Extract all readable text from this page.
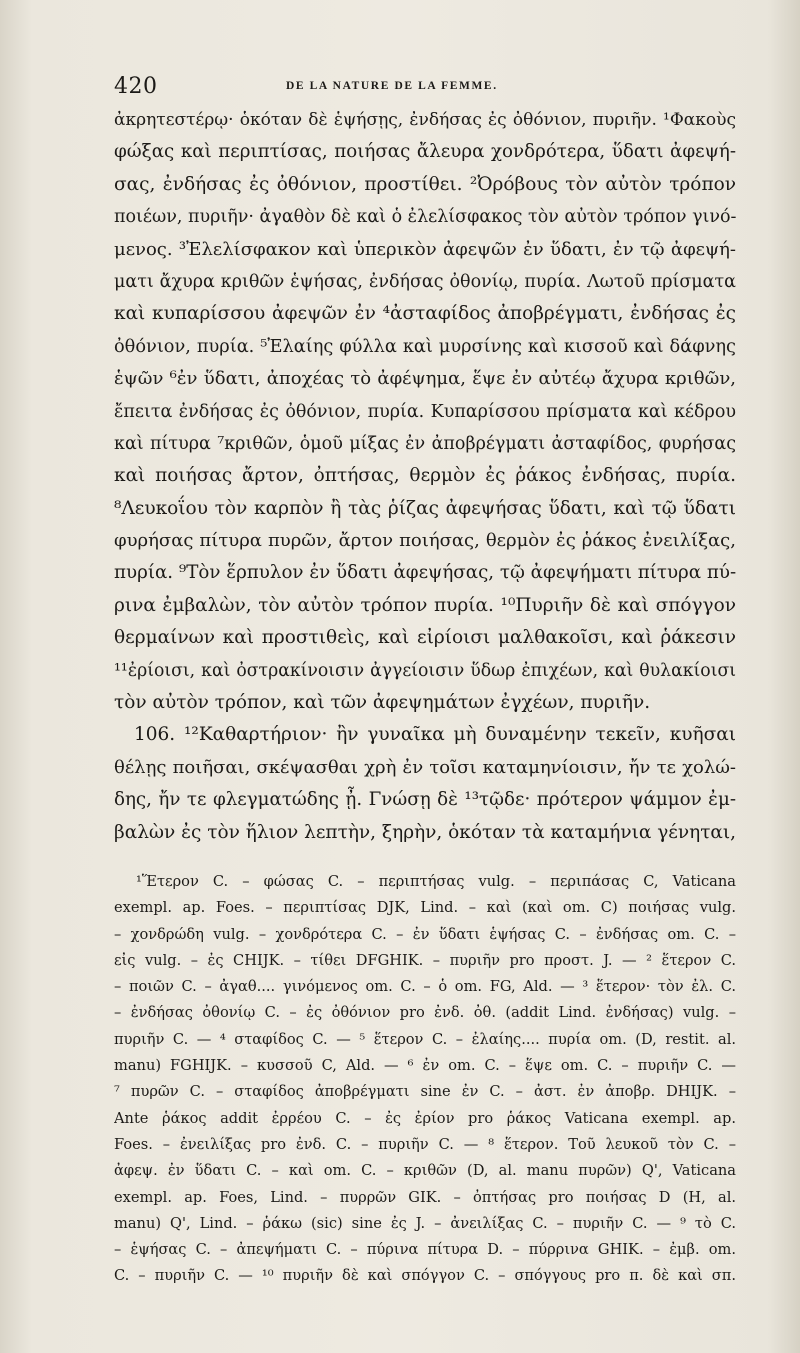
420	DE LA NATURE DE LA FEMME.
ἀκρητεστέρῳ· ὁκόταν δὲ ἑψήσῃς, ἐνδήσας ἐς ὀθόνιον, πυριῆν. ¹Φακοὺς
φώξας καὶ περιπτίσας, ποιήσας ἄλευρα χονδρότερα, ὕδατι ἀφεψή-
σας, ἐνδήσας ἐς ὀθόνιον, προστίθει. ²Ὀρόβους τὸν αὐτὸν τρόπον
ποιέων, πυριῆν· ἀγαθὸν δὲ καὶ ὁ ἐλελίσφακος τὸν αὐτὸν τρόπον γινό-
μενος. ³Ἐλελίσφακον καὶ ὑπερικὸν ἀφεψῶν ἐν ὕδατι, ἐν τῷ ἀφεψή-
ματι ἄχυρα κριθῶν ἑψήσας, ἐνδήσας ὀθονίῳ, πυρία. Λωτοῦ πρίσματα
καὶ κυπαρίσσου ἀφεψῶν ἐν ⁴ἀσταφίδος ἀποβρέγματι, ἐνδήσας ἐς
ὀθόνιον, πυρία. ⁵Ἐλαίης φύλλα καὶ μυρσίνης καὶ κισσοῦ καὶ δάφνης
ἑψῶν ⁶ἐν ὕδατι, ἀποχέας τὸ ἀφέψημα, ἕψε ἐν αὐτέῳ ἄχυρα κριθῶν,
ἔπειτα ἐνδήσας ἐς ὀθόνιον, πυρία. Κυπαρίσσου πρίσματα καὶ κέδρου
καὶ πίτυρα ⁷κριθῶν, ὁμοῦ μίξας ἐν ἀποβρέγματι ἀσταφίδος, φυρήσας
καὶ ποιήσας ἄρτον, ὀπτήσας, θερμὸν ἐς ῥάκος ἐνδήσας, πυρία.
⁸Λευκοΐου τὸν καρπὸν ἢ τὰς ῥίζας ἀφεψήσας ὕδατι, καὶ τῷ ὕδατι
φυρήσας πίτυρα πυρῶν, ἄρτον ποιήσας, θερμὸν ἐς ῥάκος ἐνειλίξας,
πυρία. ⁹Τὸν ἕρπυλον ἐν ὕδατι ἀφεψήσας, τῷ ἀφεψήματι πίτυρα πύ-
ρινα ἐμβαλὼν, τὸν αὐτὸν τρόπον πυρία. ¹⁰Πυριῆν δὲ καὶ σπόγγον
θερμαίνων καὶ προστιθεὶς, καὶ εἰρίοισι μαλθακοῖσι, καὶ ῥάκεσιν
¹¹ἐρίοισι, καὶ ὀστρακίνοισιν ἀγγείοισιν ὕδωρ ἐπιχέων, καὶ θυλακίοισι
τὸν αὐτὸν τρόπον, καὶ τῶν ἀφεψημάτων ἐγχέων, πυριῆν.
106. ¹²Καθαρτήριον· ἢν γυναῖκα μὴ δυναμένην τεκεῖν, κυῆσαι
θέλῃς ποιῆσαι, σκέψασθαι χρὴ ἐν τοῖσι καταμηνίοισιν, ἤν τε χολώ-
δης, ἤν τε φλεγματώδης ᾖ. Γνώσῃ δὲ ¹³τῷδε· πρότερον ψάμμον ἐμ-
βαλὼν ἐς τὸν ἥλιον λεπτὴν, ξηρὴν, ὁκόταν τὰ καταμήνια γένηται,
¹Ἕτερον C. – φώσας C. – περιπτήσας vulg. – περιπάσας C, Vaticana
exempl. ap. Foes. – περιπτίσας DJK, Lind. – καὶ (καὶ om. C) ποιήσας vulg.
– χονδρώδη vulg. – χονδρότερα C. – ἐν ὕδατι ἑψήσας C. – ἐνδήσας om. C. –
εἰς vulg. – ἐς CHIJK. – τίθει DFGHIK. – πυριῆν pro προστ. J. — ² ἕτερον C.
– ποιῶν C. – ἀγαθ.... γινόμενος om. C. – ὁ om. FG, Ald. — ³ ἕτερον· τὸν ἐλ. C.
– ἐνδήσας ὀθονίῳ C. – ἐς ὀθόνιον pro ἐνδ. ὀθ. (addit Lind. ἐνδήσας) vulg. –
πυριῆν C. — ⁴ σταφίδος C. — ⁵ ἕτερον C. – ἐλαίης.... πυρία om. (D, restit. al.
manu) FGHIJK. – κυσσοῦ C, Ald. — ⁶ ἐν om. C. – ἕψε om. C. – πυριῆν C. —
⁷ πυρῶν C. – σταφίδος ἀποβρέγματι sine ἐν C. – ἀστ. ἐν ἀποβρ. DHIJK. –
Ante ῥάκος addit ἐρρέου C. – ἐς ἐρίον pro ῥάκος Vaticana exempl. ap.
Foes. – ἐνειλίξας pro ἐνδ. C. – πυριῆν C. — ⁸ ἕτερον. Τοῦ λευκοῦ τὸν C. –
ἀφεψ. ἐν ὕδατι C. – καὶ om. C. – κριθῶν (D, al. manu πυρῶν) Q', Vaticana
exempl. ap. Foes, Lind. – πυρρῶν GIK. – ὀπτήσας pro ποιήσας D (H, al.
manu) Q', Lind. – ῥάκω (sic) sine ἐς J. – ἀνειλίξας C. – πυριῆν C. — ⁹ τὸ C.
– ἑψήσας C. – ἀπεψήματι C. – πύρινα πίτυρα D. – πύρρινα GHIK. – ἐμβ. om.
C. – πυριῆν C. — ¹⁰ πυριῆν δὲ καὶ σπόγγον C. – σπόγγους pro π. δὲ καὶ σπ.
